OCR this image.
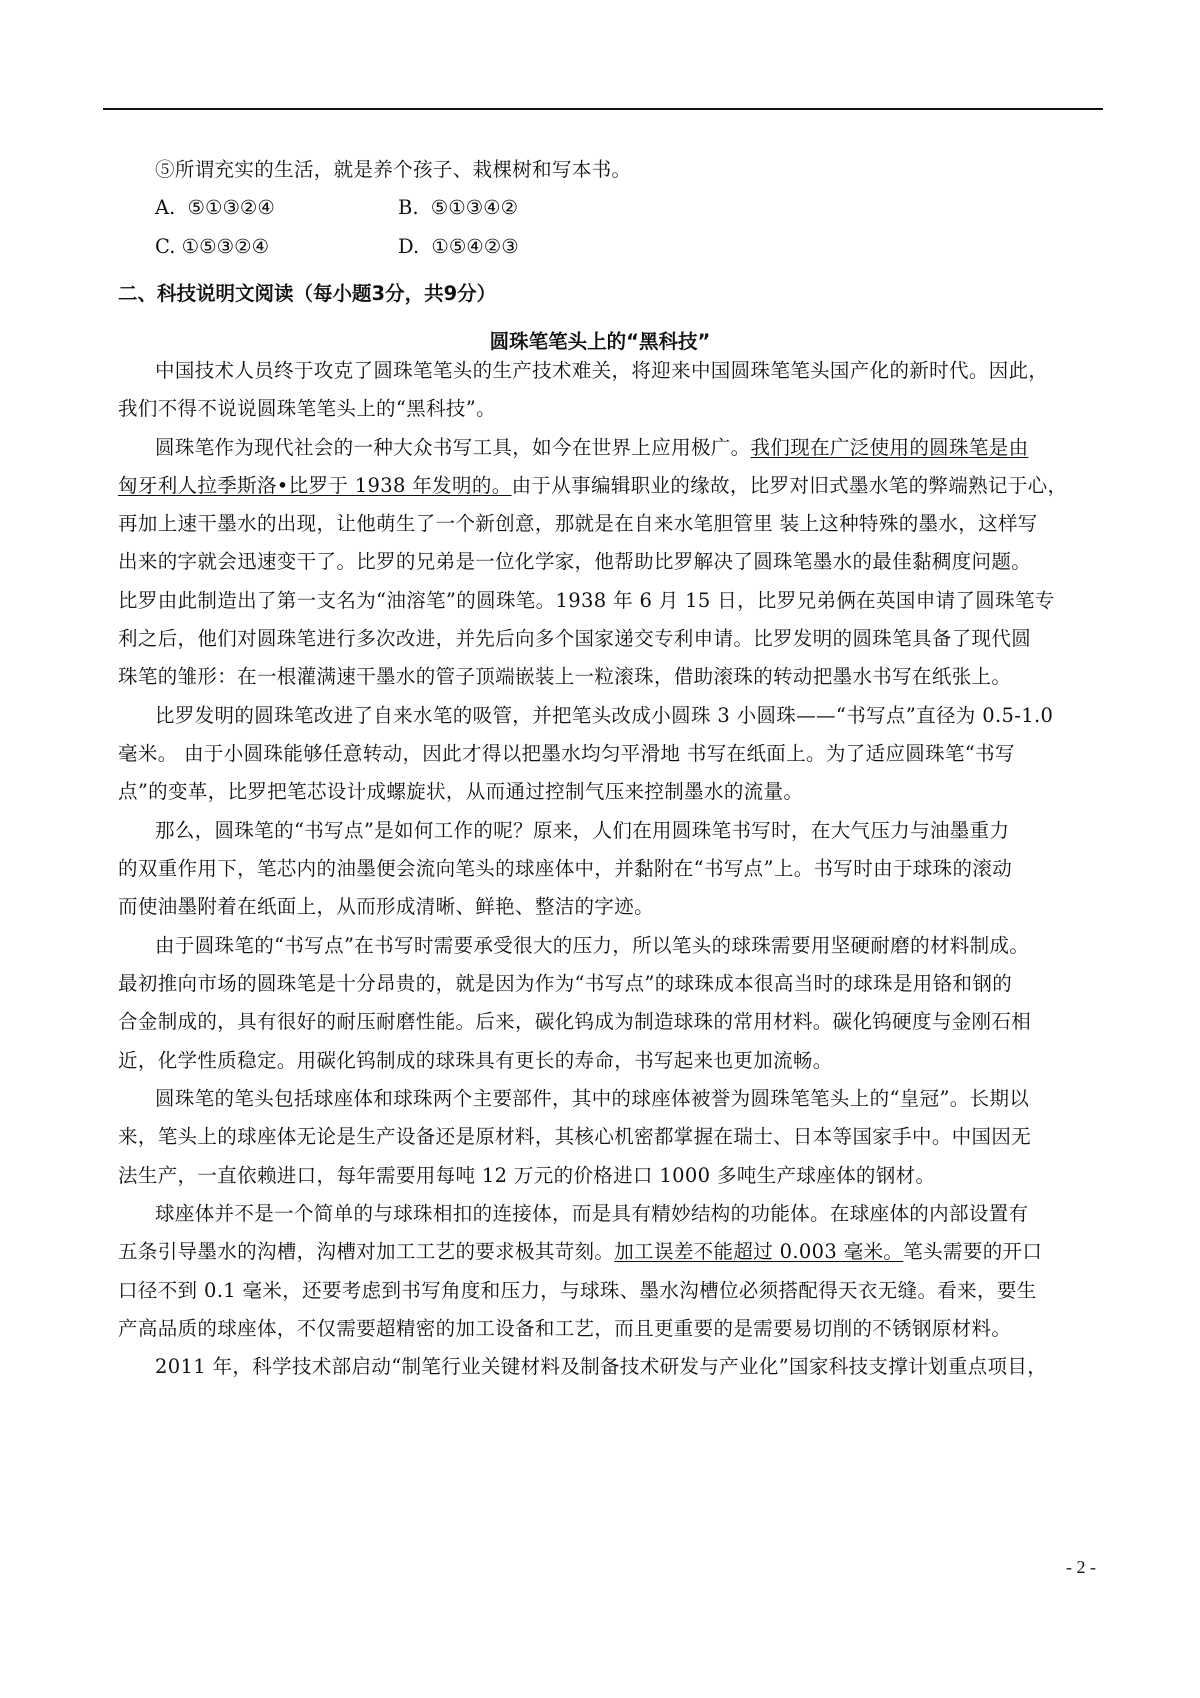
⑤所谓充实的生活，就是养个孩子、栽棵树和写本书。
A. ⑤①③②④	B. ⑤①③④②
C. ①⑤③②④	D. ①⑤④②③
二、科技说明文阅读（每小题3分，共9分）
圆珠笔笔头上的“黑科技”
中国技术人员终于攻克了圆珠笔笔头的生产技术难关，将迎来中国圆珠笔笔头国产化的新时代。因此，
我们不得不说说圆珠笔笔头上的“黑科技”。
圆珠笔作为现代社会的一种大众书写工具，如今在世界上应用极广。我们现在广泛使用的圆珠笔是由
匈牙利人拉季斯洛•比罗于 1938 年发明的。由于从事编辑职业的缘故，比罗对旧式墨水笔的弊端熟记于心，
再加上速干墨水的出现，让他萌生了一个新创意，那就是在自来水笔胆管里 装上这种特殊的墨水，这样写
出来的字就会迅速变干了。比罗的兄弟是一位化学家，他帮助比罗解决了圆珠笔墨水的最佳黏稠度问题。
比罗由此制造出了第一支名为“油溶笔”的圆珠笔。1938 年 6 月 15 日，比罗兄弟俩在英国申请了圆珠笔专
利之后，他们对圆珠笔进行多次改进，并先后向多个国家递交专利申请。比罗发明的圆珠笔具备了现代圆
珠笔的雏形：在一根灌满速干墨水的管子顶端嵌装上一粒滚珠，借助滚珠的转动把墨水书写在纸张上。
比罗发明的圆珠笔改进了自来水笔的吸管，并把笔头改成小圆珠 3 小圆珠——“书写点”直径为 0.5-1.0
毫米。 由于小圆珠能够任意转动，因此才得以把墨水均匀平滑地 书写在纸面上。为了适应圆珠笔“书写
点”的变革，比罗把笔芯设计成螺旋状，从而通过控制气压来控制墨水的流量。
那么，圆珠笔的“书写点”是如何工作的呢？原来，人们在用圆珠笔书写时，在大气压力与油墨重力
的双重作用下，笔芯内的油墨便会流向笔头的球座体中，并黏附在“书写点”上。书写时由于球珠的滚动
而使油墨附着在纸面上，从而形成清晰、鲜艳、整洁的字迹。
由于圆珠笔的“书写点”在书写时需要承受很大的压力，所以笔头的球珠需要用坚硬耐磨的材料制成。
最初推向市场的圆珠笔是十分昂贵的，就是因为作为“书写点”的球珠成本很高当时的球珠是用铬和钢的
合金制成的，具有很好的耐压耐磨性能。后来，碳化钨成为制造球珠的常用材料。碳化钨硬度与金刚石相
近，化学性质稳定。用碳化钨制成的球珠具有更长的寿命，书写起来也更加流畅。
圆珠笔的笔头包括球座体和球珠两个主要部件，其中的球座体被誉为圆珠笔笔头上的“皇冠”。长期以
来，笔头上的球座体无论是生产设备还是原材料，其核心机密都掌握在瑞士、日本等国家手中。中国因无
法生产，一直依赖进口，每年需要用每吨 12 万元的价格进口 1000 多吨生产球座体的钢材。
球座体并不是一个简单的与球珠相扣的连接体，而是具有精妙结构的功能体。在球座体的内部设置有
五条引导墨水的沟槽，沟槽对加工工艺的要求极其苛刻。加工误差不能超过 0.003 毫米。笔头需要的开口
口径不到 0.1 毫米，还要考虑到书写角度和压力，与球珠、墨水沟槽位必须搭配得天衣无缝。看来，要生
产高品质的球座体，不仅需要超精密的加工设备和工艺，而且更重要的是需要易切削的不锈钢原材料。
2011 年，科学技术部启动“制笔行业关键材料及制备技术研发与产业化”国家科技支撑计划重点项目，
- 2 -
